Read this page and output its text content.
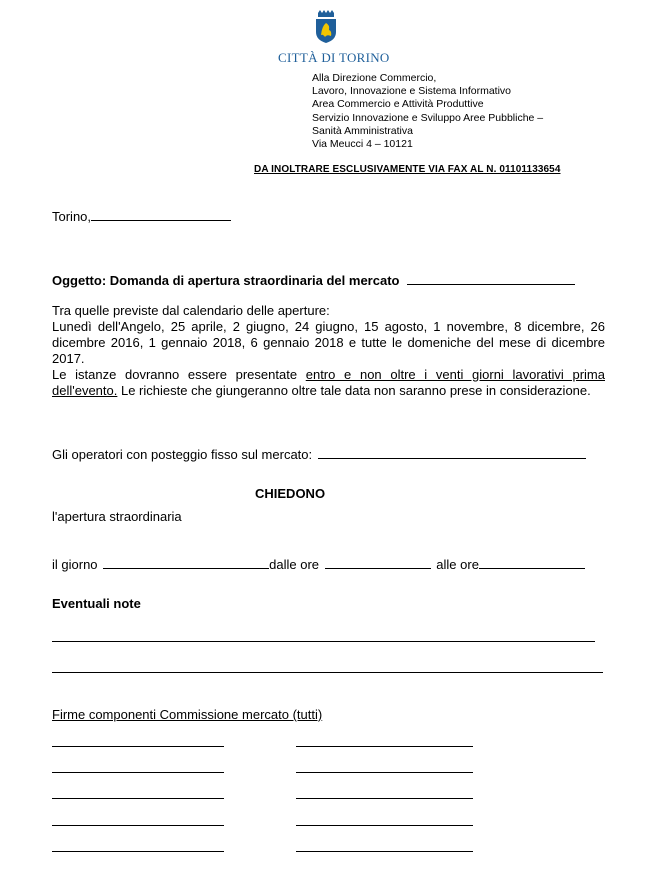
CITTÀ DI TORINO
Alla Direzione Commercio,
Lavoro, Innovazione e Sistema Informativo
Area Commercio e Attività Produttive
Servizio Innovazione e Sviluppo Aree Pubbliche –
Sanità Amministrativa
Via Meucci 4 – 10121
DA INOLTRARE ESCLUSIVAMENTE VIA FAX AL N. 01101133654
Torino,
Oggetto: Domanda di apertura straordinaria del mercato

Tra quelle previste dal calendario delle aperture:

Lunedì dell'Angelo, 25 aprile, 2 giugno, 24 giugno, 15 agosto, 1 novembre, 8 dicembre, 26 dicembre 2016, 1 gennaio 2018, 6 gennaio 2018 e tutte le domeniche del mese di dicembre 2017.

Le istanze dovranno essere presentate entro e non oltre i venti giorni lavorativi prima dell'evento. Le richieste che giungeranno oltre tale data non saranno prese in considerazione.

Gli operatori con posteggio fisso sul mercato:
CHIEDONO
l'apertura straordinaria
il giorno	dalle ore	alle ore
Eventuali note
Firme componenti Commissione mercato (tutti)
